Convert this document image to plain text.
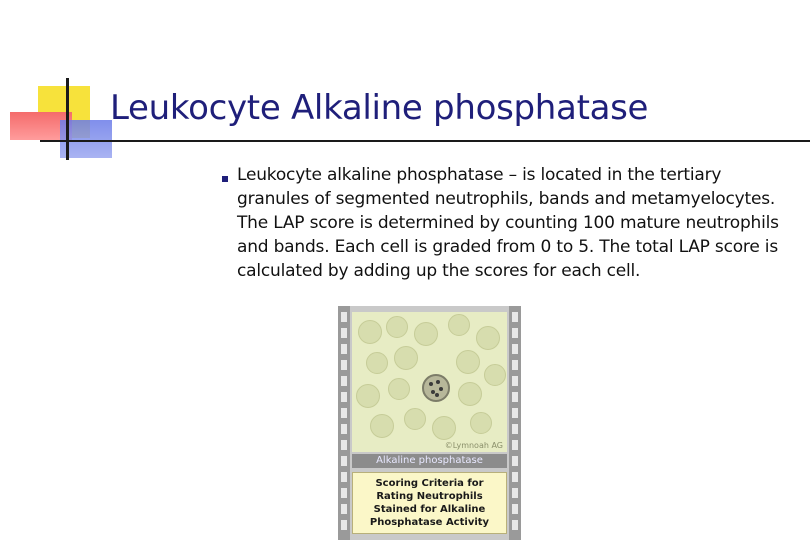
Leukocyte Alkaline phosphatase
Leukocyte alkaline phosphatase – is located in the tertiary granules of segmented neutrophils, bands and metamyelocytes. The LAP score is determined by counting 100 mature neutrophils and bands. Each cell is graded from 0 to 5. The total LAP score is calculated by adding up the scores for each cell.
©Lymnoah AG
Alkaline phosphatase
Scoring Criteria for
Rating Neutrophils
Stained for Alkaline
Phosphatase Activity
